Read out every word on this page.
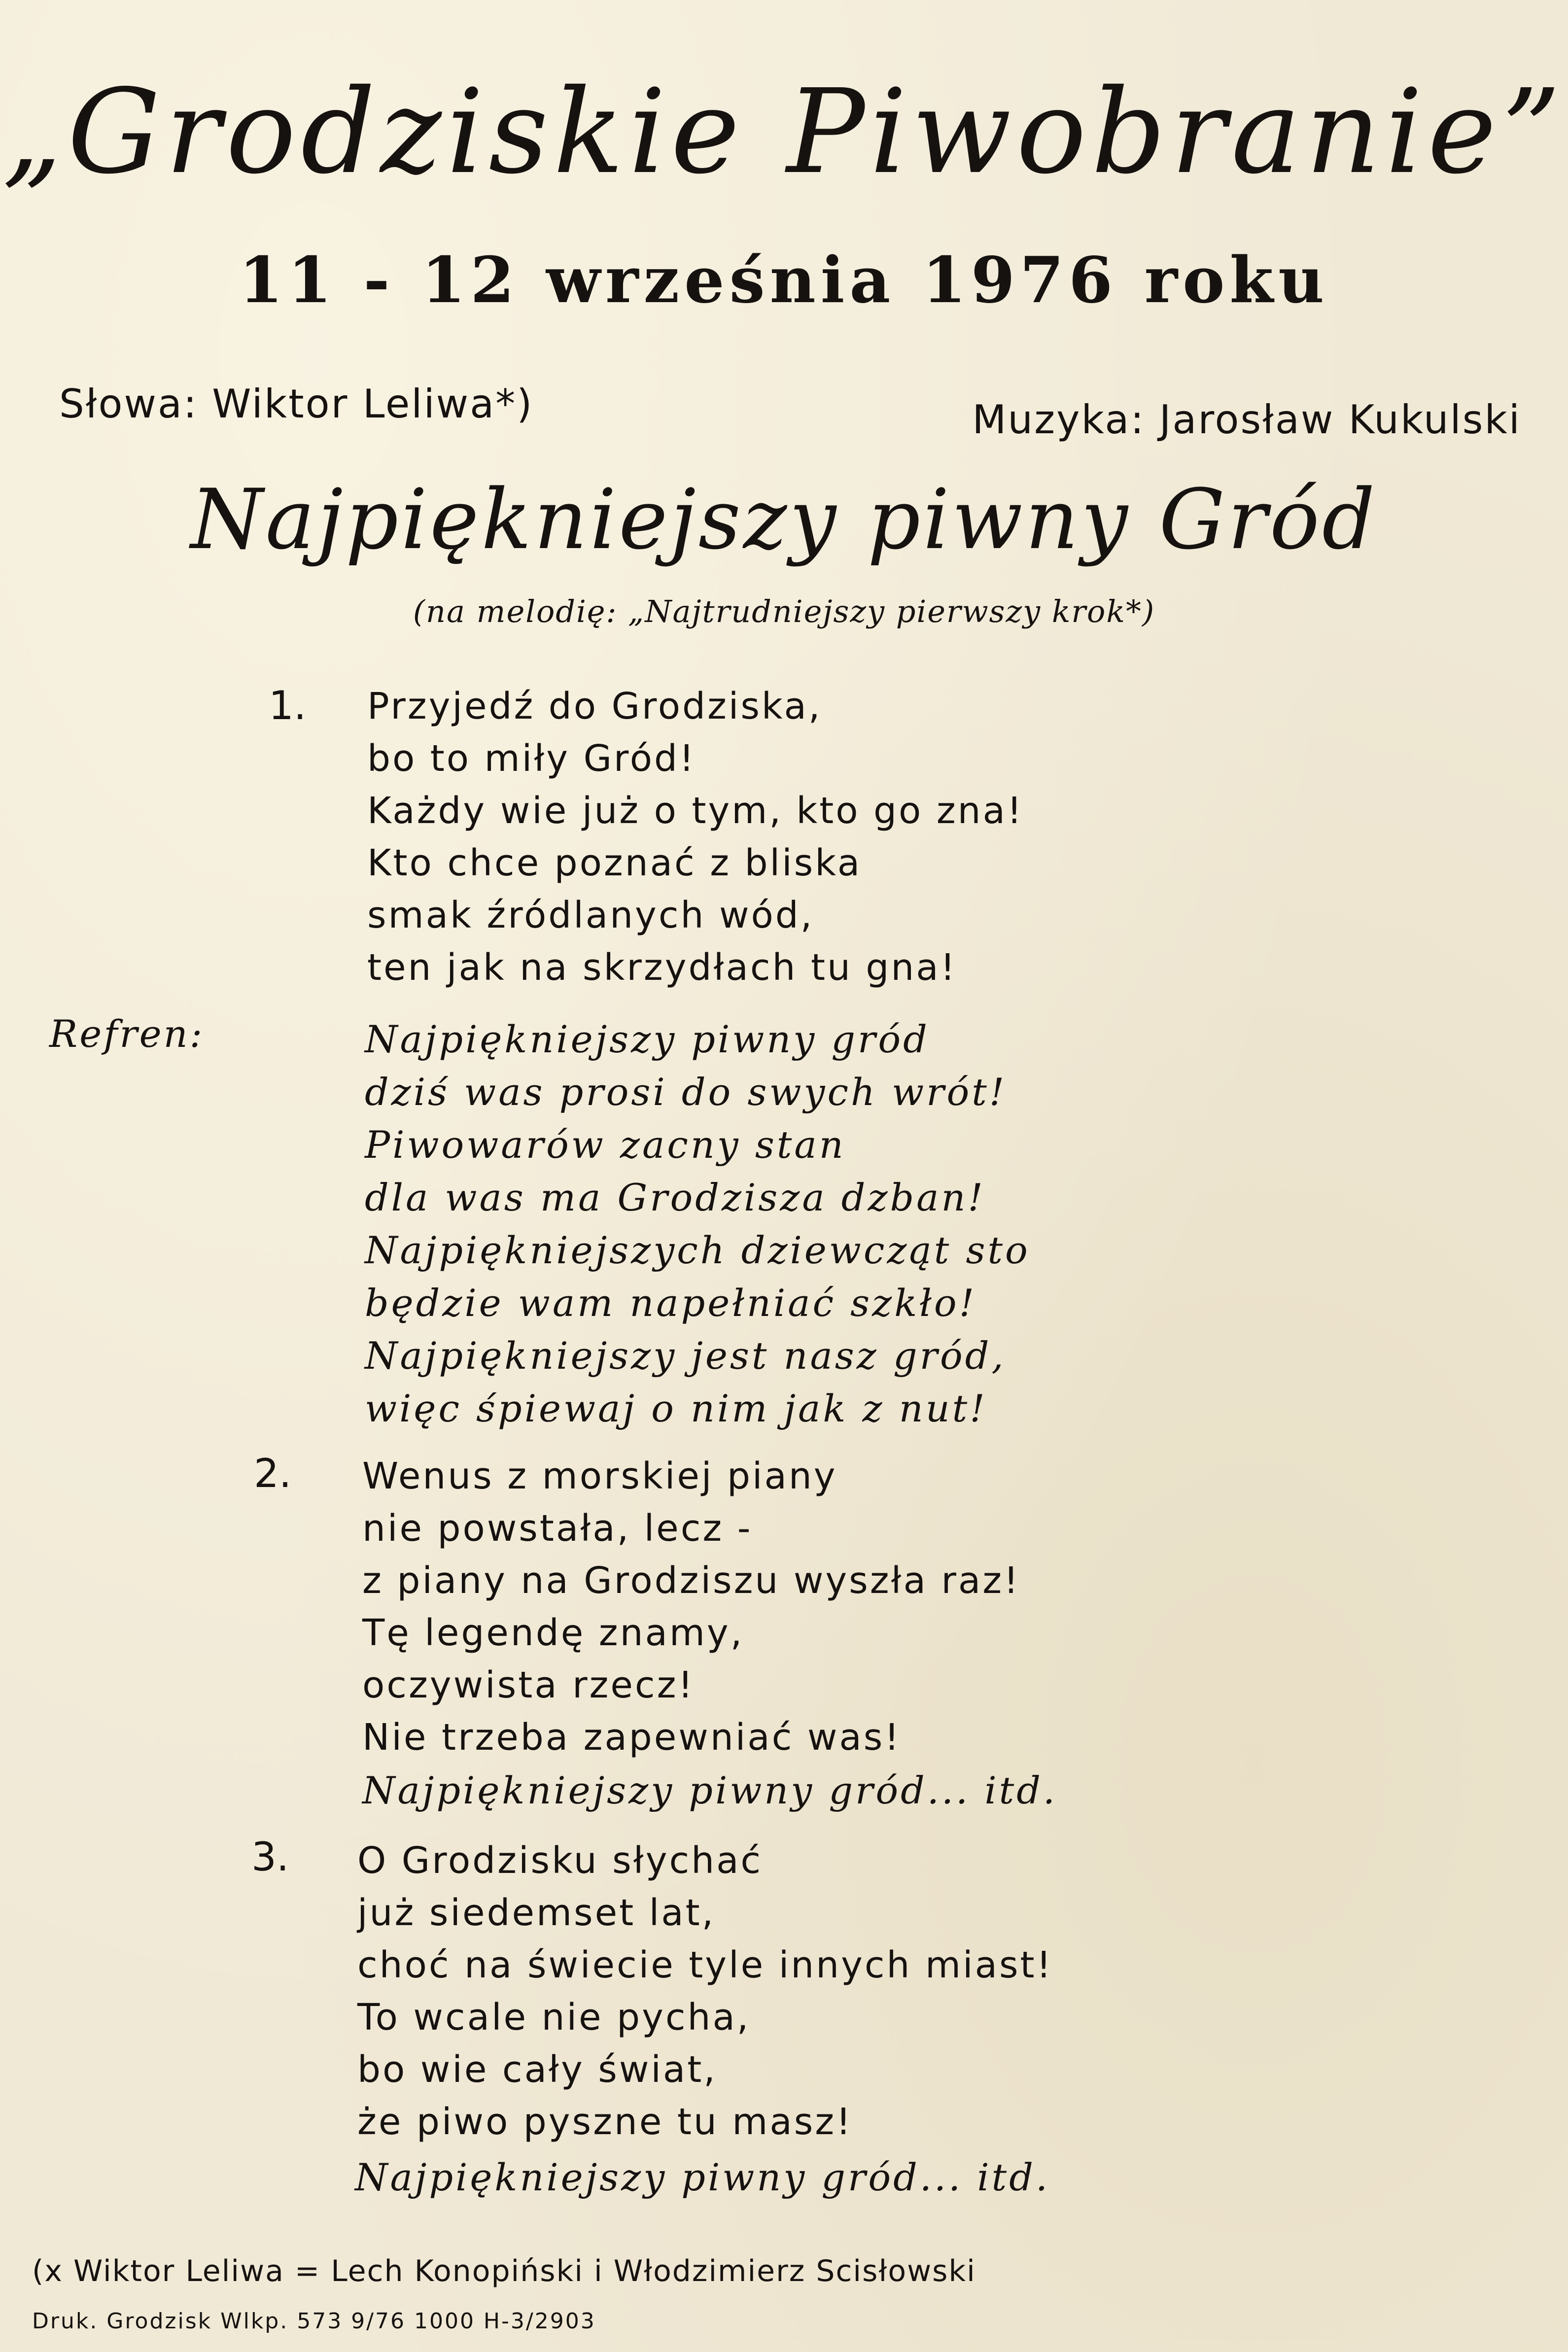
„Grodziskie Piwobranie”
11 - 12 września 1976 roku
Słowa: Wiktor Leliwa*)	Muzyka: Jarosław Kukulski
Najpiękniejszy piwny Gród
(na melodię: „Najtrudniejszy pierwszy krok*)
1. Przyjedź do Grodziska,
bo to miły Gród!
Każdy wie już o tym, kto go zna!
Kto chce poznać z bliska
smak źródlanych wód,
ten jak na skrzydłach tu gna!
Refren:	Najpiękniejszy piwny gród
dziś was prosi do swych wrót!
Piwowarów zacny stan
dla was ma Grodzisza dzban!
Najpiękniejszych dziewcząt sto
będzie wam napełniać szkło!
Najpiękniejszy jest nasz gród,
więc śpiewaj o nim jak z nut!
2. Wenus z morskiej piany
nie powstała, lecz -
z piany na Grodziszu wyszła raz!
Tę legendę znamy,
oczywista rzecz!
Nie trzeba zapewniać was!
Najpiękniejszy piwny gród... itd.
3. O Grodzisku słychać
już siedemset lat,
choć na świecie tyle innych miast!
To wcale nie pycha,
bo wie cały świat,
że piwo pyszne tu masz!
Najpiękniejszy piwny gród... itd.
(x Wiktor Leliwa = Lech Konopiński i Włodzimierz Scisłowski
Druk. Grodzisk Wlkp. 573 9/76 1000 H-3/2903
